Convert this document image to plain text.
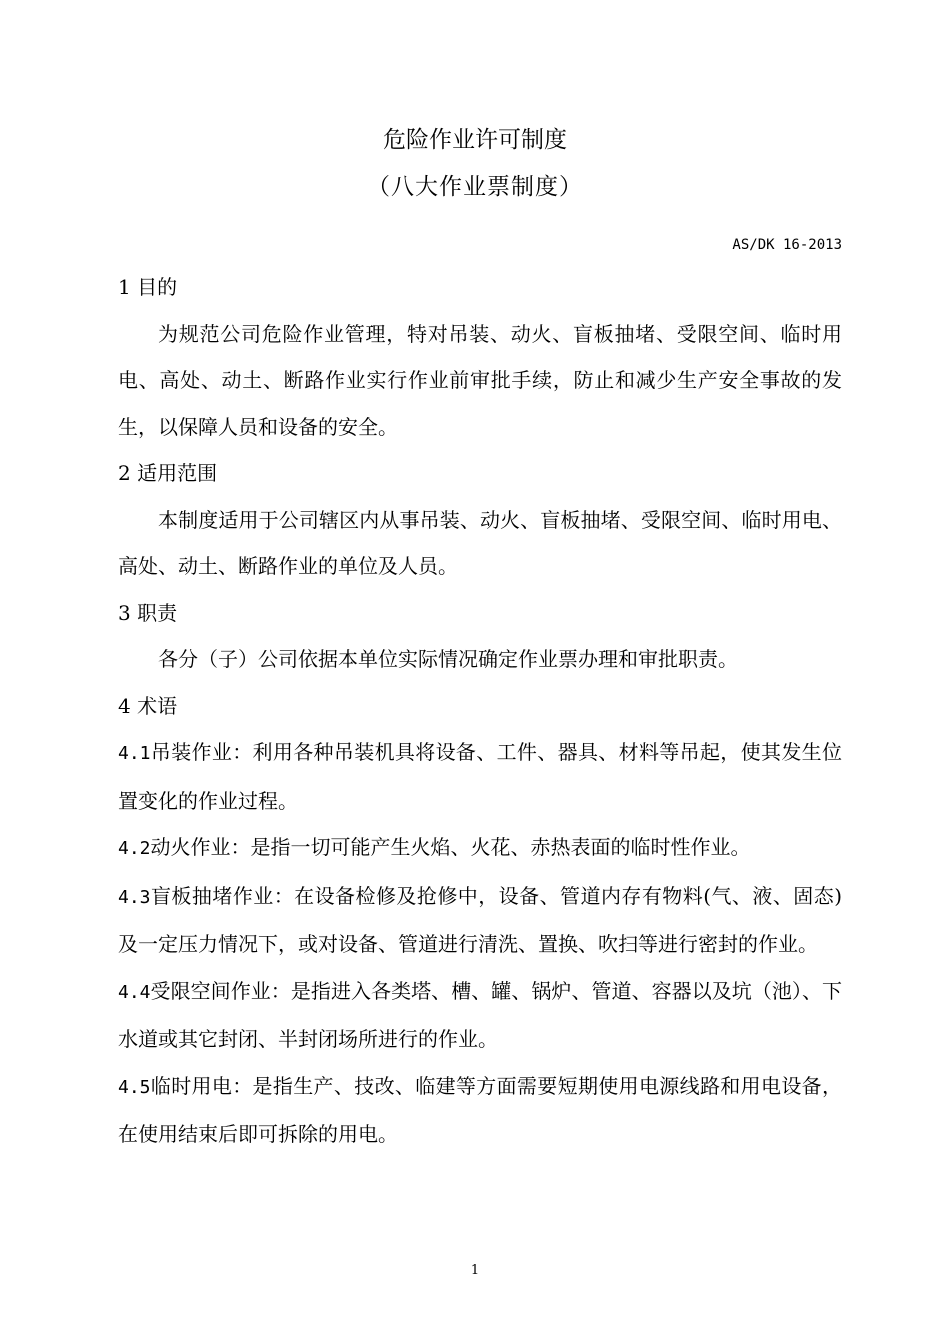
危险作业许可制度
（八大作业票制度）
AS/DK 16-2013
1 目的

为规范公司危险作业管理，特对吊装、动火、盲板抽堵、受限空间、临时用电、高处、动土、断路作业实行作业前审批手续，防止和减少生产安全事故的发生，以保障人员和设备的安全。

2 适用范围

本制度适用于公司辖区内从事吊装、动火、盲板抽堵、受限空间、临时用电、高处、动土、断路作业的单位及人员。

3 职责

各分（子）公司依据本单位实际情况确定作业票办理和审批职责。

4 术语

4.1吊装作业：利用各种吊装机具将设备、工件、器具、材料等吊起，使其发生位置变化的作业过程。

4.2动火作业：是指一切可能产生火焰、火花、赤热表面的临时性作业。

4.3盲板抽堵作业：在设备检修及抢修中，设备、管道内存有物料(气、液、固态)及一定压力情况下，或对设备、管道进行清洗、置换、吹扫等进行密封的作业。

4.4受限空间作业：是指进入各类塔、槽、罐、锅炉、管道、容器以及坑（池）、下水道或其它封闭、半封闭场所进行的作业。

4.5临时用电：是指生产、技改、临建等方面需要短期使用电源线路和用电设备，在使用结束后即可拆除的用电。

1
